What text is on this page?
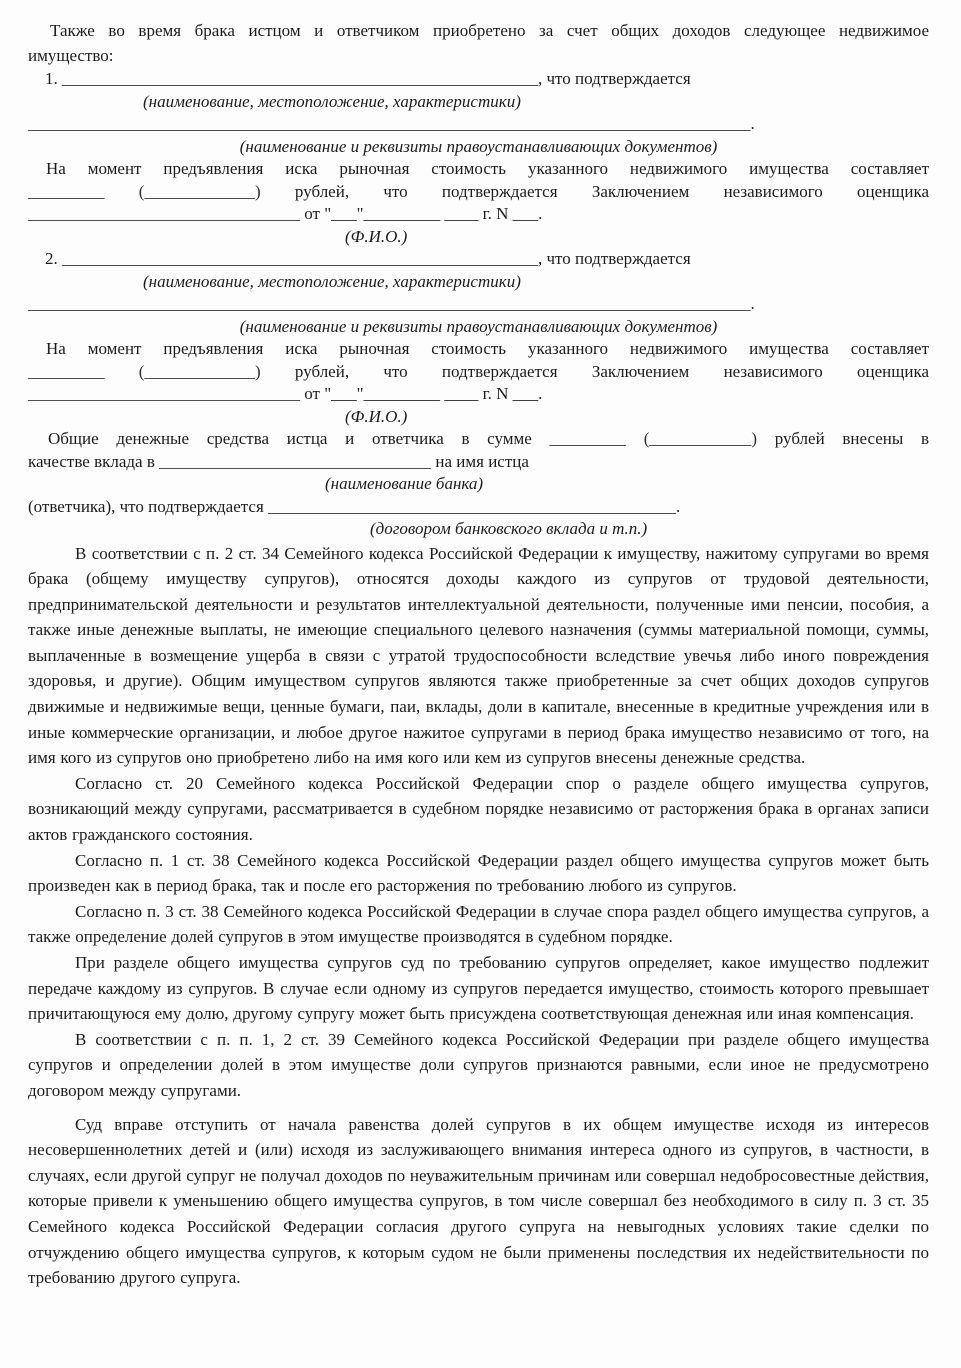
Также во время брака истцом и ответчиком приобретено за счет общих доходов следующее недвижимое имущество:

1. ________________________________________________________, что подтверждается
(наименование, местоположение, характеристики)
_____________________________________________________________________________________.
(наименование и реквизиты правоустанавливающих документов)
На момент предъявления иска рыночная стоимость указанного недвижимого имущества составляет
_________ (_____________) рублей, что подтверждается Заключением независимого оценщика
________________________________ от "___"_________ ____ г. N ___.
(Ф.И.О.)
2. ________________________________________________________, что подтверждается
(наименование, местоположение, характеристики)
_____________________________________________________________________________________.
(наименование и реквизиты правоустанавливающих документов)
На момент предъявления иска рыночная стоимость указанного недвижимого имущества составляет
_________ (_____________) рублей, что подтверждается Заключением независимого оценщика
________________________________ от "___"_________ ____ г. N ___.
(Ф.И.О.)
Общие денежные средства истца и ответчика в сумме _________ (____________) рублей внесены в
качестве вклада в ________________________________ на имя истца
(наименование банка)
(ответчика), что подтверждается ________________________________________________.
(договором банковского вклада и т.п.)

В соответствии с п. 2 ст. 34 Семейного кодекса Российской Федерации к имуществу, нажитому супругами во время брака (общему имуществу супругов), относятся доходы каждого из супругов от трудовой деятельности, предпринимательской деятельности и результатов интеллектуальной деятельности, полученные ими пенсии, пособия, а также иные денежные выплаты, не имеющие специального целевого назначения (суммы материальной помощи, суммы, выплаченные в возмещение ущерба в связи с утратой трудоспособности вследствие увечья либо иного повреждения здоровья, и другие). Общим имуществом супругов являются также приобретенные за счет общих доходов супругов движимые и недвижимые вещи, ценные бумаги, паи, вклады, доли в капитале, внесенные в кредитные учреждения или в иные коммерческие организации, и любое другое нажитое супругами в период брака имущество независимо от того, на имя кого из супругов оно приобретено либо на имя кого или кем из супругов внесены денежные средства.

Согласно ст. 20 Семейного кодекса Российской Федерации спор о разделе общего имущества супругов, возникающий между супругами, рассматривается в судебном порядке независимо от расторжения брака в органах записи актов гражданского состояния.

Согласно п. 1 ст. 38 Семейного кодекса Российской Федерации раздел общего имущества супругов может быть произведен как в период брака, так и после его расторжения по требованию любого из супругов.

Согласно п. 3 ст. 38 Семейного кодекса Российской Федерации в случае спора раздел общего имущества супругов, а также определение долей супругов в этом имуществе производятся в судебном порядке.

При разделе общего имущества супругов суд по требованию супругов определяет, какое имущество подлежит передаче каждому из супругов. В случае если одному из супругов передается имущество, стоимость которого превышает причитающуюся ему долю, другому супругу может быть присуждена соответствующая денежная или иная компенсация.

В соответствии с п. п. 1, 2 ст. 39 Семейного кодекса Российской Федерации при разделе общего имущества супругов и определении долей в этом имуществе доли супругов признаются равными, если иное не предусмотрено договором между супругами.

Суд вправе отступить от начала равенства долей супругов в их общем имуществе исходя из интересов несовершеннолетних детей и (или) исходя из заслуживающего внимания интереса одного из супругов, в частности, в случаях, если другой супруг не получал доходов по неуважительным причинам или совершал недобросовестные действия, которые привели к уменьшению общего имущества супругов, в том числе совершал без необходимого в силу п. 3 ст. 35 Семейного кодекса Российской Федерации согласия другого супруга на невыгодных условиях такие сделки по отчуждению общего имущества супругов, к которым судом не были применены последствия их недействительности по требованию другого супруга.
